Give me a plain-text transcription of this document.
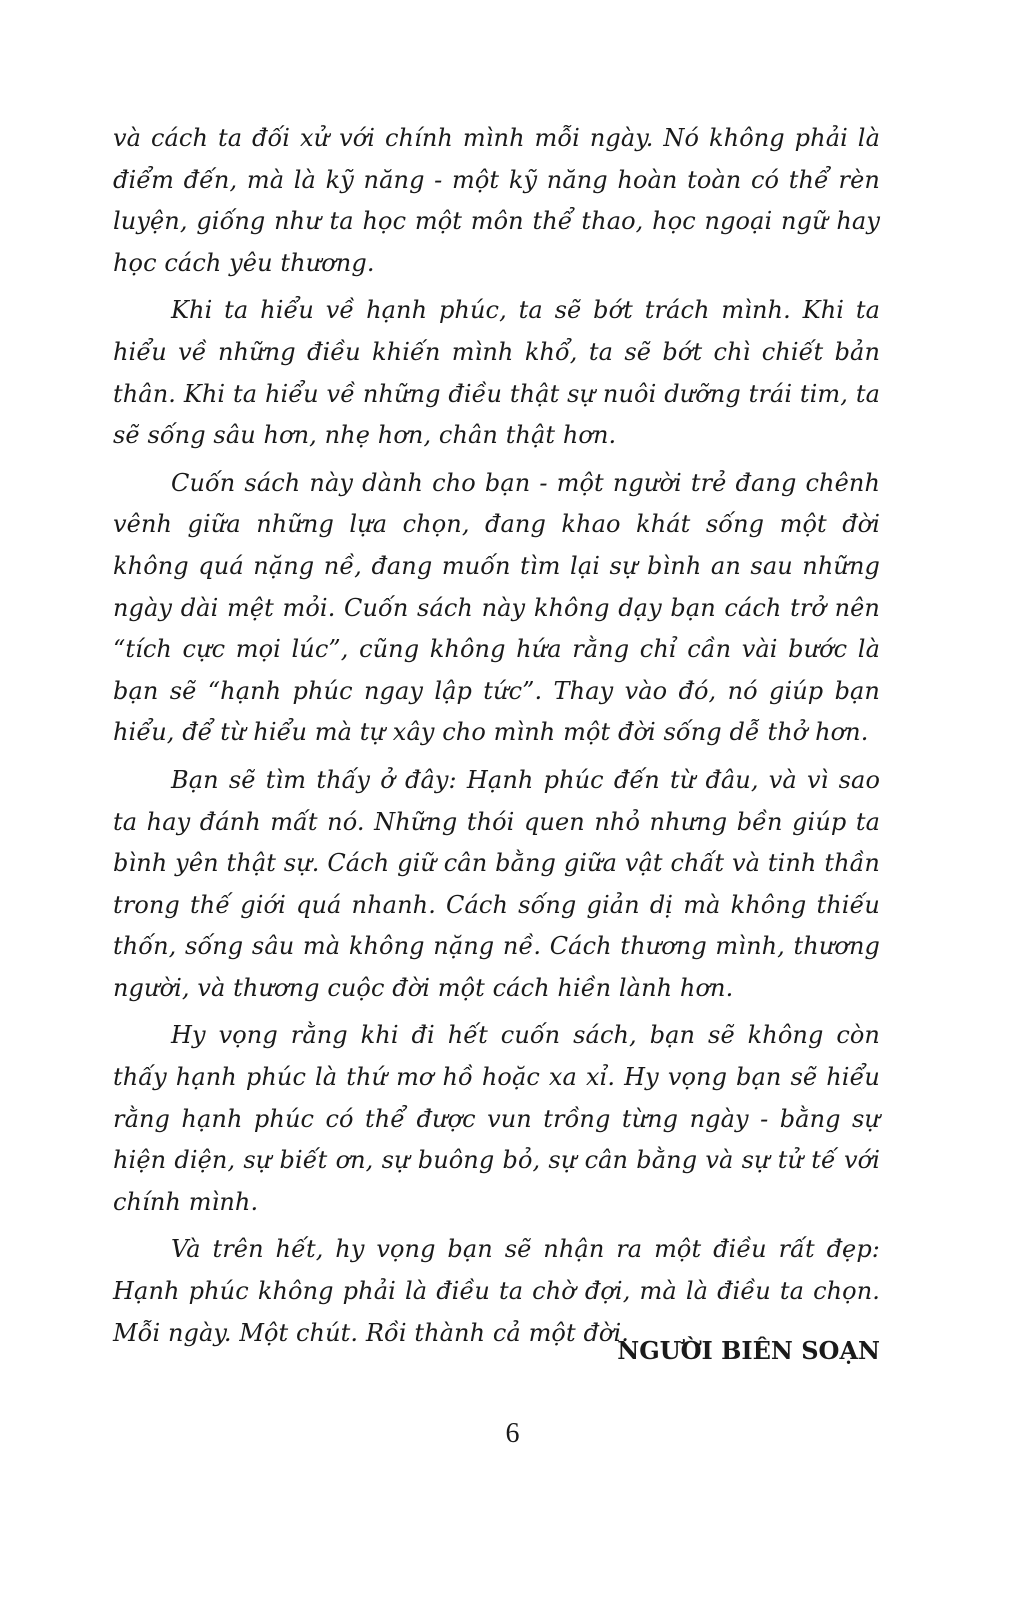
và cách ta đối xử với chính mình mỗi ngày. Nó không phải là điểm đến, mà là kỹ năng - một kỹ năng hoàn toàn có thể rèn luyện, giống như ta học một môn thể thao, học ngoại ngữ hay học cách yêu thương.

Khi ta hiểu về hạnh phúc, ta sẽ bớt trách mình. Khi ta hiểu về những điều khiến mình khổ, ta sẽ bớt chì chiết bản thân. Khi ta hiểu về những điều thật sự nuôi dưỡng trái tim, ta sẽ sống sâu hơn, nhẹ hơn, chân thật hơn.

Cuốn sách này dành cho bạn - một người trẻ đang chênh vênh giữa những lựa chọn, đang khao khát sống một đời không quá nặng nề, đang muốn tìm lại sự bình an sau những ngày dài mệt mỏi. Cuốn sách này không dạy bạn cách trở nên “tích cực mọi lúc”, cũng không hứa rằng chỉ cần vài bước là bạn sẽ “hạnh phúc ngay lập tức”. Thay vào đó, nó giúp bạn hiểu, để từ hiểu mà tự xây cho mình một đời sống dễ thở hơn.

Bạn sẽ tìm thấy ở đây: Hạnh phúc đến từ đâu, và vì sao ta hay đánh mất nó. Những thói quen nhỏ nhưng bền giúp ta bình yên thật sự. Cách giữ cân bằng giữa vật chất và tinh thần trong thế giới quá nhanh. Cách sống giản dị mà không thiếu thốn, sống sâu mà không nặng nề. Cách thương mình, thương người, và thương cuộc đời một cách hiền lành hơn.

Hy vọng rằng khi đi hết cuốn sách, bạn sẽ không còn thấy hạnh phúc là thứ mơ hồ hoặc xa xỉ. Hy vọng bạn sẽ hiểu rằng hạnh phúc có thể được vun trồng từng ngày - bằng sự hiện diện, sự biết ơn, sự buông bỏ, sự cân bằng và sự tử tế với chính mình.

Và trên hết, hy vọng bạn sẽ nhận ra một điều rất đẹp: Hạnh phúc không phải là điều ta chờ đợi, mà là điều ta chọn. Mỗi ngày. Một chút. Rồi thành cả một đời.

NGƯỜI BIÊN SOẠN
6
